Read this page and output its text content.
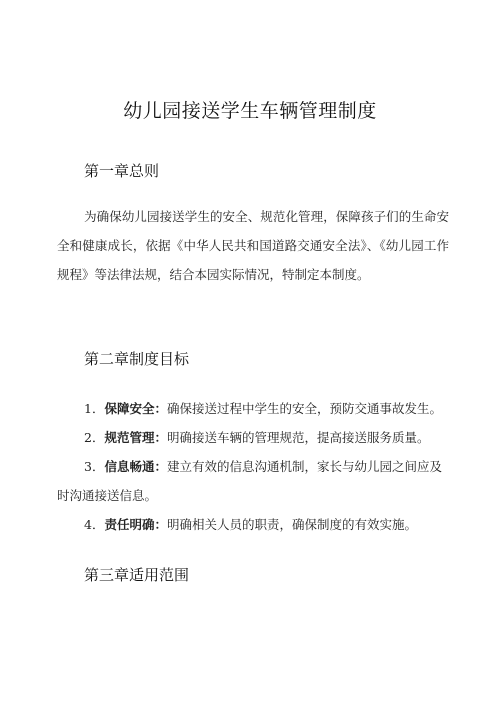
幼儿园接送学生车辆管理制度
第一章总则
为确保幼儿园接送学生的安全、规范化管理，保障孩子们的生命安全和健康成长，依据《中华人民共和国道路交通安全法》、《幼儿园工作规程》等法律法规，结合本园实际情况，特制定本制度。
第二章制度目标
1．保障安全：确保接送过程中学生的安全，预防交通事故发生。
2．规范管理：明确接送车辆的管理规范，提高接送服务质量。
3．信息畅通：建立有效的信息沟通机制，家长与幼儿园之间应及时沟通接送信息。
4．责任明确：明确相关人员的职责，确保制度的有效实施。
第三章适用范围
